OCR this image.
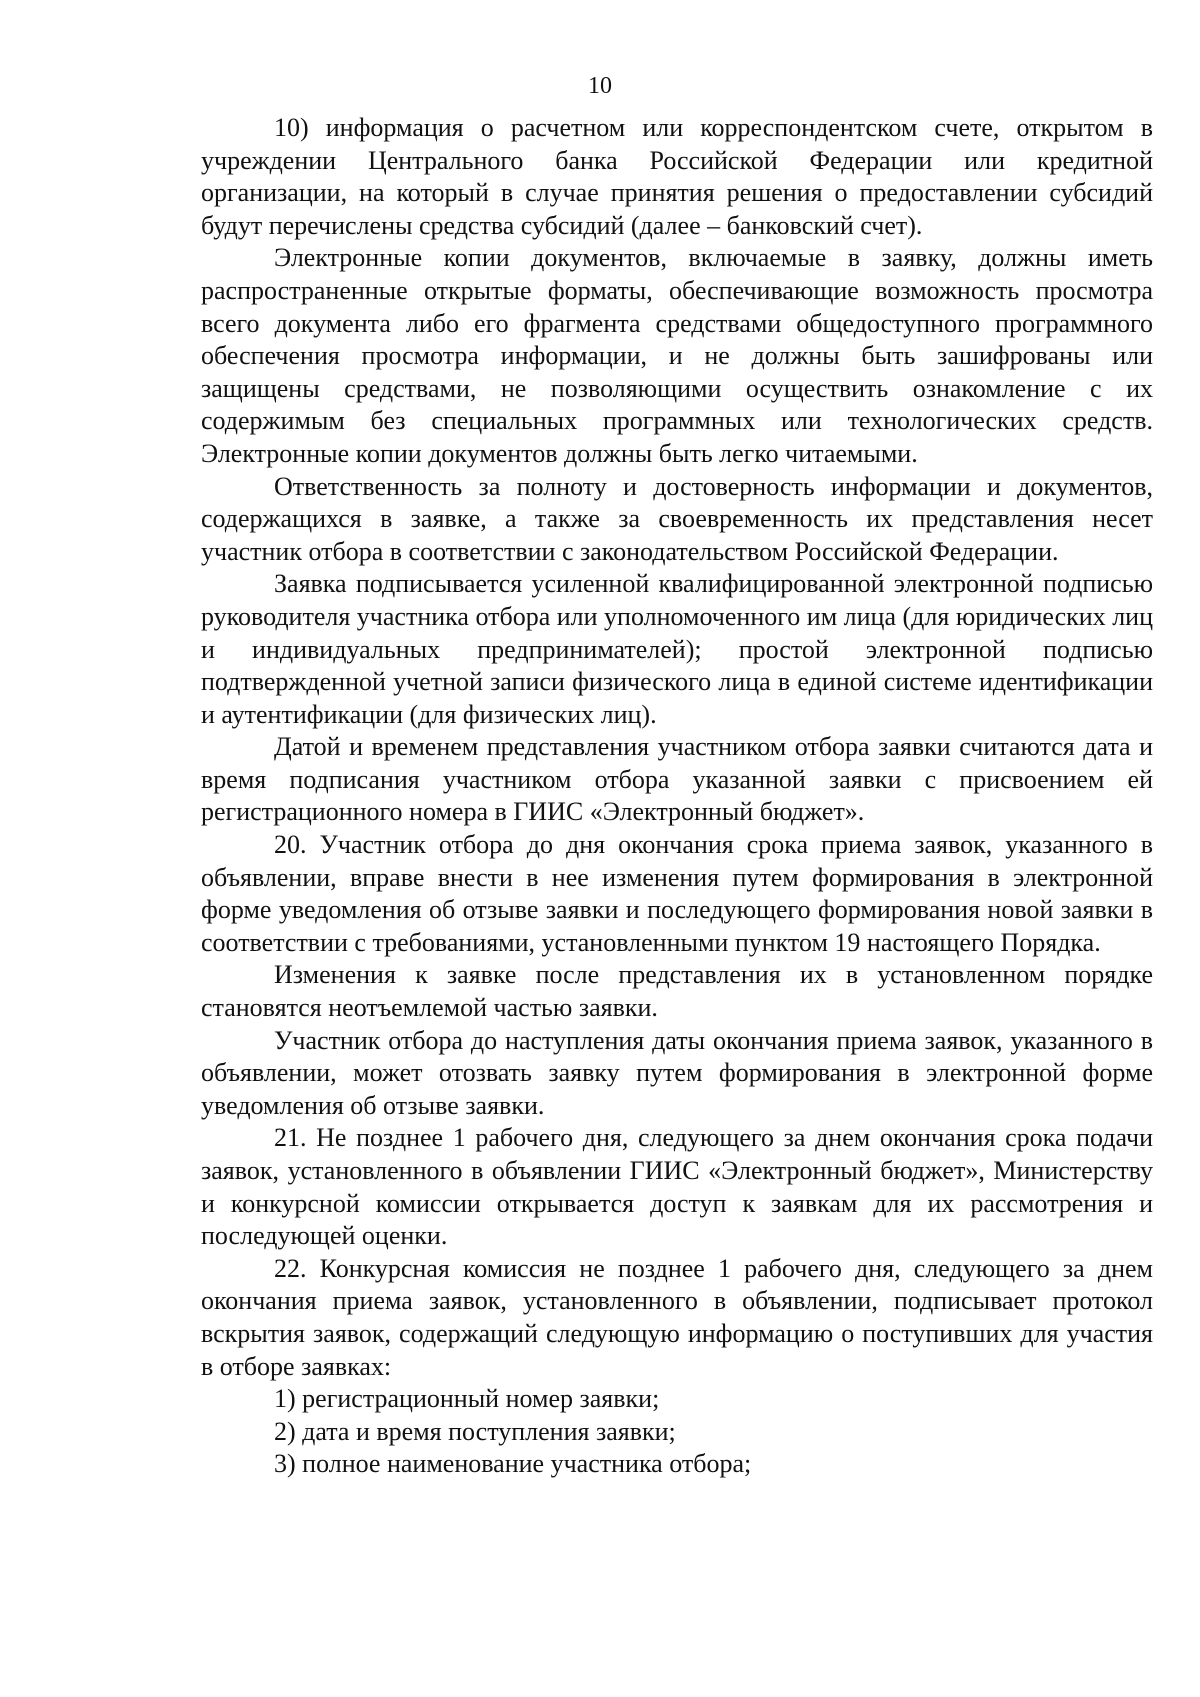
10

10) информация о расчетном или корреспондентском счете, открытом в учреждении Центрального банка Российской Федерации или кредитной организации, на который в случае принятия решения о предоставлении субсидий будут перечислены средства субсидий (далее – банковский счет).

Электронные копии документов, включаемые в заявку, должны иметь распространенные открытые форматы, обеспечивающие возможность просмотра всего документа либо его фрагмента средствами общедоступного программного обеспечения просмотра информации, и не должны быть зашифрованы или защищены средствами, не позволяющими осуществить ознакомление с их содержимым без специальных программных или технологических средств. Электронные копии документов должны быть легко читаемыми.

Ответственность за полноту и достоверность информации и документов, содержащихся в заявке, а также за своевременность их представления несет участник отбора в соответствии с законодательством Российской Федерации.

Заявка подписывается усиленной квалифицированной электронной подписью руководителя участника отбора или уполномоченного им лица (для юридических лиц и индивидуальных предпринимателей); простой электронной подписью подтвержденной учетной записи физического лица в единой системе идентификации и аутентификации (для физических лиц).

Датой и временем представления участником отбора заявки считаются дата и время подписания участником отбора указанной заявки с присвоением ей регистрационного номера в ГИИС «Электронный бюджет».

20. Участник отбора до дня окончания срока приема заявок, указанного в объявлении, вправе внести в нее изменения путем формирования в электронной форме уведомления об отзыве заявки и последующего формирования новой заявки в соответствии с требованиями, установленными пунктом 19 настоящего Порядка.

Изменения к заявке после представления их в установленном порядке становятся неотъемлемой частью заявки.

Участник отбора до наступления даты окончания приема заявок, указанного в объявлении, может отозвать заявку путем формирования в электронной форме уведомления об отзыве заявки.

21. Не позднее 1 рабочего дня, следующего за днем окончания срока подачи заявок, установленного в объявлении ГИИС «Электронный бюджет», Министерству и конкурсной комиссии открывается доступ к заявкам для их рассмотрения и последующей оценки.

22. Конкурсная комиссия не позднее 1 рабочего дня, следующего за днем окончания приема заявок, установленного в объявлении, подписывает протокол вскрытия заявок, содержащий следующую информацию о поступивших для участия в отборе заявках:

1) регистрационный номер заявки;

2) дата и время поступления заявки;

3) полное наименование участника отбора;
